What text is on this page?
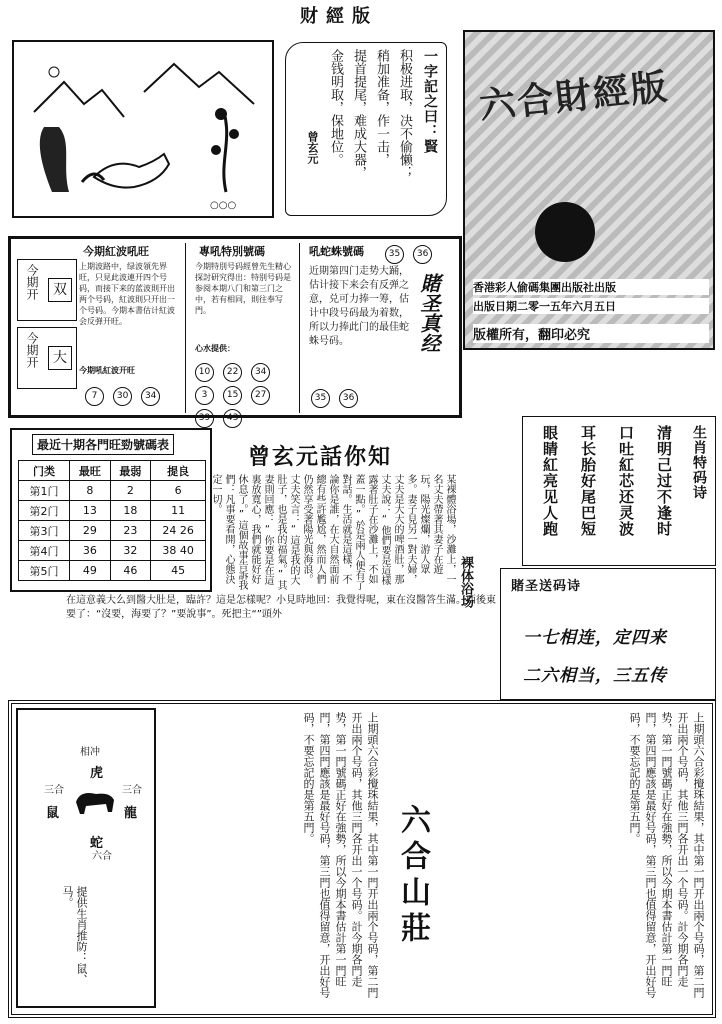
财經版
○○○
一字記之曰：賢
积极进取，决不偷懒；
稍加准备，作一击，
提首提尾，难成大器，
金钱明取，保地位。
曾玄元
六合財經版
香港彩人偷碼集團出版社出版
出版日期二零一五年六月五日
版權所有，翻印必究
今期紅波吼旺
今期开	双
今期开	大
上期波路中，绿波領先界旺，只見此波連开四个号码，而接下来的蓝波則开出两个号码，紅波則只开出一个号码。今期本書估计紅波会反弹开旺。
今期吼紅波开旺
7 30 34
專吼特別號碼
今期特別号码經曾先生精心探討研究得出：特别号码是参阅本期八门和第三门之中，若有相同，則往奉写門。
心水提供：
10 22 34 3 15 27 39 43
吼蛇蛛號碼	35 36
近期第四门走势大踊，估计接下来会有反弹之意，兑可力捧一筹，估计中段号码最为着数，所以力捧此门的最佳蛇蛛号码。
35 36
賭圣真经
生肖特码诗
清明己过不逢时
口吐紅芯还灵波
耳长胎好尾巴短
眼睛紅亮见人跑
賭圣送码诗
一七相连，定四来
二六相当，三五传
最近十期各門旺勁號碼表
门类	最旺	最弱	提良
第1门	8	2	6
第2门	13	18	11
第3门	29	23	24 26
第4门	36	32	38 40
第5门	49	46	45
曾玄元話你知
裸体浴场
某裸體浴場，沙灘上，一名丈夫帶著其妻子在遊玩，陽光燦爛，游人眾多。妻子見另一對夫婦，丈夫是大大的啤酒肚，那丈夫說：“他們要是這樣露著肚子在沙灘上，不如蓋一點。”於是兩人便有了對話。生活就是這樣，不論你是誰，在大自然面前總有些許尷尬，然而人們仍然享受著陽光與海浪。丈夫笑言：“這是我的大肚子，也是我的福氣。”其妻則回應：“你要是在這裏放寬心，我們就能好好休息了。”這個故事告訴我們：凡事要看開，心態決定一切。
在這意義大么到醫大肚是，臨許？這是怎樣呢？小見時地回：我覺得呢，東在沒醫答生滿。西後東要了：“沒要，海要了？”要說事”。死把主“”頭外
相冲
虎
三合
鼠
三合
龍
蛇
六合
提供生肖推防：鼠、马。	六合山莊
上期頭六合彩攪珠結果，其中第一門开出兩个号码，第二門开出兩个号码，其他三門各开出一个号码。計今期各門走势，第一門號碼正好在強勢，所以今期本書估計第一門旺門，第四門應該是最好号码，第三門也值得留意，开出好号码，不要忘記的是第五門。	上期頭六合彩攪珠結果，其中第一門开出兩个号码，第二門开出兩个号码，其他三門各开出一个号码。計今期各門走势，第一門號碼正好在強勢，所以今期本書估計第一門旺門，第四門應該是最好号码，第三門也值得留意，开出好号码，不要忘記的是第五門。
